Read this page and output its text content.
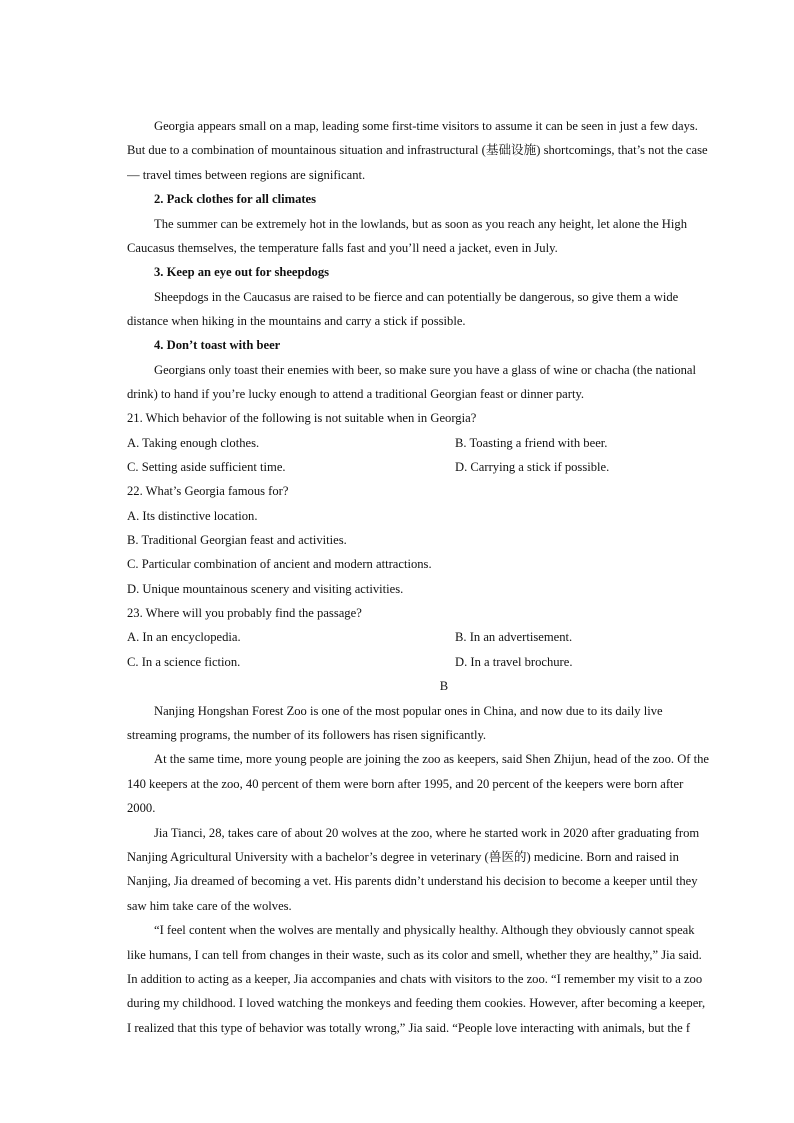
Georgia appears small on a map, leading some first-time visitors to assume it can be seen in just a few days.
But due to a combination of mountainous situation and infrastructural (基础设施) shortcomings, that’s not the case
— travel times between regions are significant.
2. Pack clothes for all climates
The summer can be extremely hot in the lowlands, but as soon as you reach any height, let alone the High
Caucasus themselves, the temperature falls fast and you’ll need a jacket, even in July.
3. Keep an eye out for sheepdogs
Sheepdogs in the Caucasus are raised to be fierce and can potentially be dangerous, so give them a wide
distance when hiking in the mountains and carry a stick if possible.
4. Don’t toast with beer
Georgians only toast their enemies with beer, so make sure you have a glass of wine or chacha (the national
drink) to hand if you’re lucky enough to attend a traditional Georgian feast or dinner party.
21. Which behavior of the following is not suitable when in Georgia?
A. Taking enough clothes.	B. Toasting a friend with beer.
C. Setting aside sufficient time.	D. Carrying a stick if possible.
22. What’s Georgia famous for?
A. Its distinctive location.
B. Traditional Georgian feast and activities.
C. Particular combination of ancient and modern attractions.
D. Unique mountainous scenery and visiting activities.
23. Where will you probably find the passage?
A. In an encyclopedia.	B. In an advertisement.
C. In a science fiction.	D. In a travel brochure.
B
Nanjing Hongshan Forest Zoo is one of the most popular ones in China, and now due to its daily live
streaming programs, the number of its followers has risen significantly.
At the same time, more young people are joining the zoo as keepers, said Shen Zhijun, head of the zoo. Of the
140 keepers at the zoo, 40 percent of them were born after 1995, and 20 percent of the keepers were born after
2000.
Jia Tianci, 28, takes care of about 20 wolves at the zoo, where he started work in 2020 after graduating from
Nanjing Agricultural University with a bachelor’s degree in veterinary (兽医的) medicine. Born and raised in
Nanjing, Jia dreamed of becoming a vet. His parents didn’t understand his decision to become a keeper until they
saw him take care of the wolves.
“I feel content when the wolves are mentally and physically healthy. Although they obviously cannot speak
like humans, I can tell from changes in their waste, such as its color and smell, whether they are healthy,” Jia said.
In addition to acting as a keeper, Jia accompanies and chats with visitors to the zoo. “I remember my visit to a zoo
during my childhood. I loved watching the monkeys and feeding them cookies. However, after becoming a keeper,
I realized that this type of behavior was totally wrong,” Jia said. “People love interacting with animals, but the f
